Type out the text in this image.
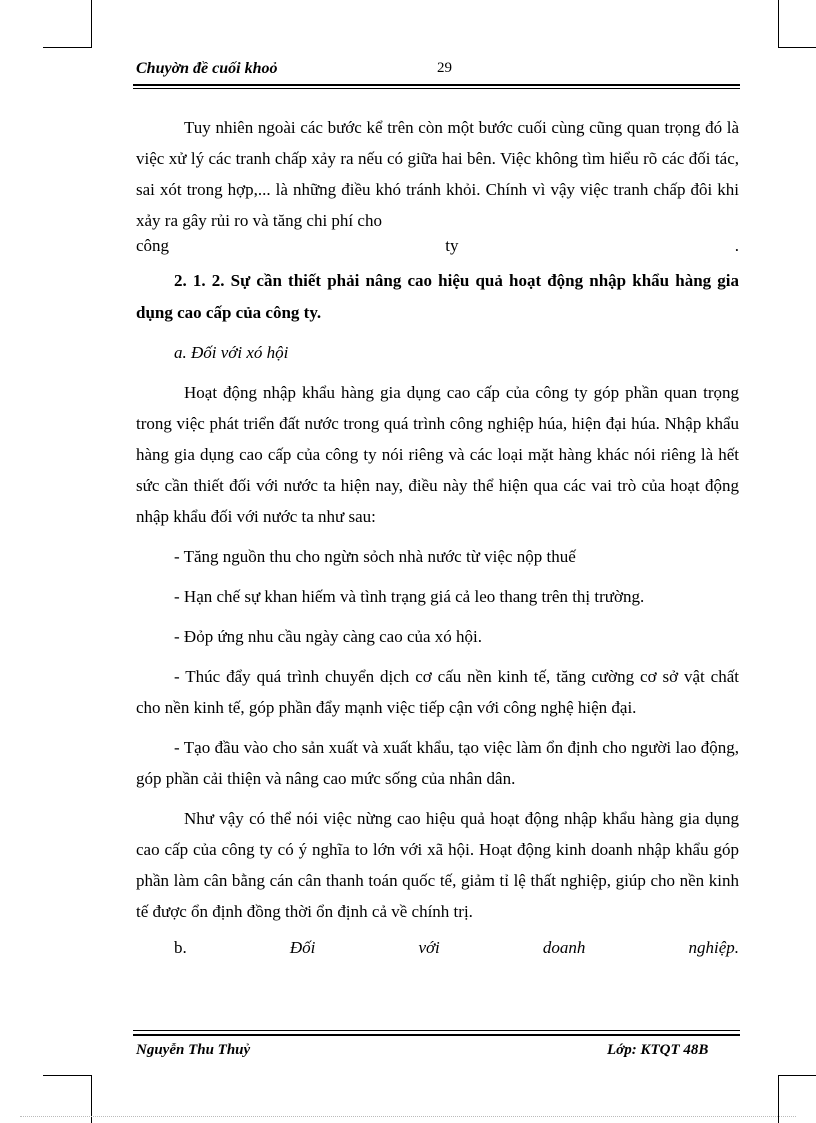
Chuyờn đề cuối khoỏ	29

Tuy nhiên ngoài các bước kể trên còn một bước cuối cùng cũng quan trọng đó là việc xử lý các tranh chấp xảy ra nếu có giữa hai bên. Việc không tìm hiểu rõ các đối tác, sai xót trong hợp,... là những điều khó tránh khỏi. Chính vì vậy việc tranh chấp đôi khi xảy ra gây rủi ro và tăng chi phí cho

công	ty	.

2. 1. 2. Sự cần thiết phải nâng cao hiệu quả hoạt động nhập khẩu hàng gia dụng cao cấp của công ty.

a. Đối với xó hội

Hoạt động nhập khẩu hàng gia dụng cao cấp của công ty góp phần quan trọng trong việc phát triển đất nước trong quá trình công nghiệp húa, hiện đại húa. Nhập khẩu hàng gia dụng cao cấp của công ty nói riêng và các loại mặt hàng khác nói riêng là hết sức cần thiết đối với nước ta hiện nay, điều này thể hiện qua các vai trò của hoạt động nhập khẩu đối với nước ta như sau:

- Tăng nguồn thu cho ngừn sỏch nhà nước từ việc nộp thuế

- Hạn chế sự khan hiếm và tình trạng giá cả leo thang trên thị trường.

- Đỏp ứng nhu cầu ngày càng cao của xó hội.

- Thúc đẩy quá trình chuyển dịch cơ cấu nền kinh tế, tăng cường cơ sở vật chất cho nền kinh tế, góp phần đẩy mạnh việc tiếp cận với công nghệ hiện đại.

- Tạo đầu vào cho sản xuất và xuất khẩu, tạo việc làm ổn định cho người lao động, góp phần cải thiện và nâng cao mức sống của nhân dân.

Như vậy có thể nói việc nừng cao hiệu quả hoạt động nhập khẩu hàng gia dụng cao cấp của công ty có ý nghĩa to lớn với xã hội. Hoạt động kinh doanh nhập khẩu góp phần làm cân bằng cán cân thanh toán quốc tế, giảm tỉ lệ thất nghiệp, giúp cho nền kinh tế được ổn định đồng thời ổn định cả về chính trị.

b.	Đối	với	doanh	nghiệp.
Nguyễn Thu Thuỷ	Lớp: KTQT 48B
